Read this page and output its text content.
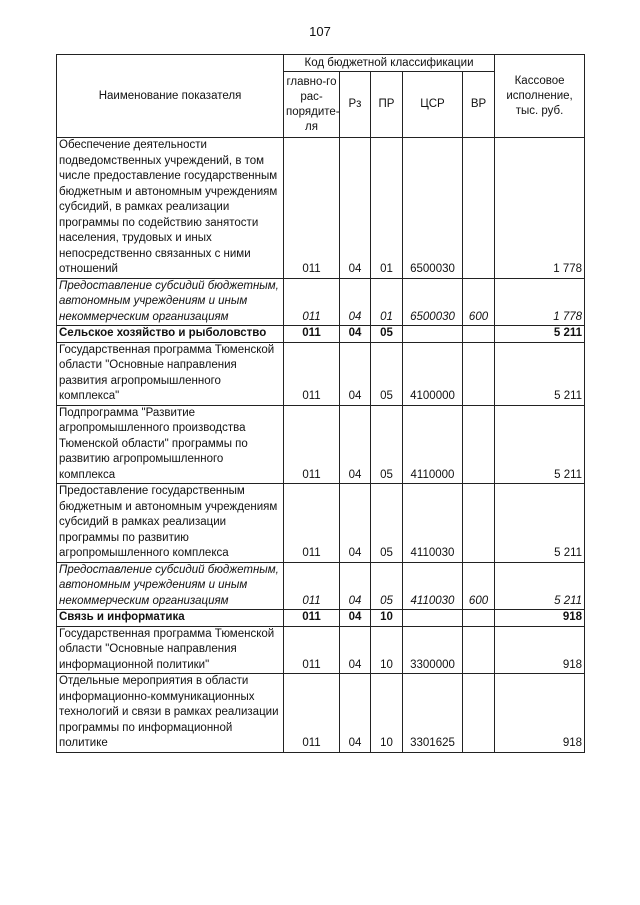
107
Наименование показателя	Код бюджетной классификации					Кассовое исполнение, тыс. руб.
	главно-го рас-порядите-ля	Рз	ПР	ЦСР	ВР	
Обеспечение деятельности подведомственных учреждений, в том числе предоставление государственным бюджетным и автономным учреждениям субсидий, в рамках реализации программы по содействию занятости населения, трудовых и иных непосредственно связанных с ними отношений	011	04	01	6500030		1 778
Предоставление субсидий бюджетным, автономным учреждениям и иным некоммерческим организациям	011	04	01	6500030	600	1 778
Сельское хозяйство и рыболовство	011	04	05			5 211
Государственная программа Тюменской области "Основные направления развития агропромышленного комплекса"	011	04	05	4100000		5 211
Подпрограмма "Развитие агропромышленного производства Тюменской области" программы по развитию агропромышленного комплекса	011	04	05	4110000		5 211
Предоставление государственным бюджетным и автономным учреждениям субсидий в рамках реализации программы по развитию агропромышленного комплекса	011	04	05	4110030		5 211
Предоставление субсидий бюджетным, автономным учреждениям и иным некоммерческим организациям	011	04	05	4110030	600	5 211
Связь и информатика	011	04	10			918
Государственная программа Тюменской области "Основные направления информационной политики"	011	04	10	3300000		918
Отдельные мероприятия в области информационно-коммуникационных технологий и связи в рамках реализации программы по информационной политике	011	04	10	3301625		918
